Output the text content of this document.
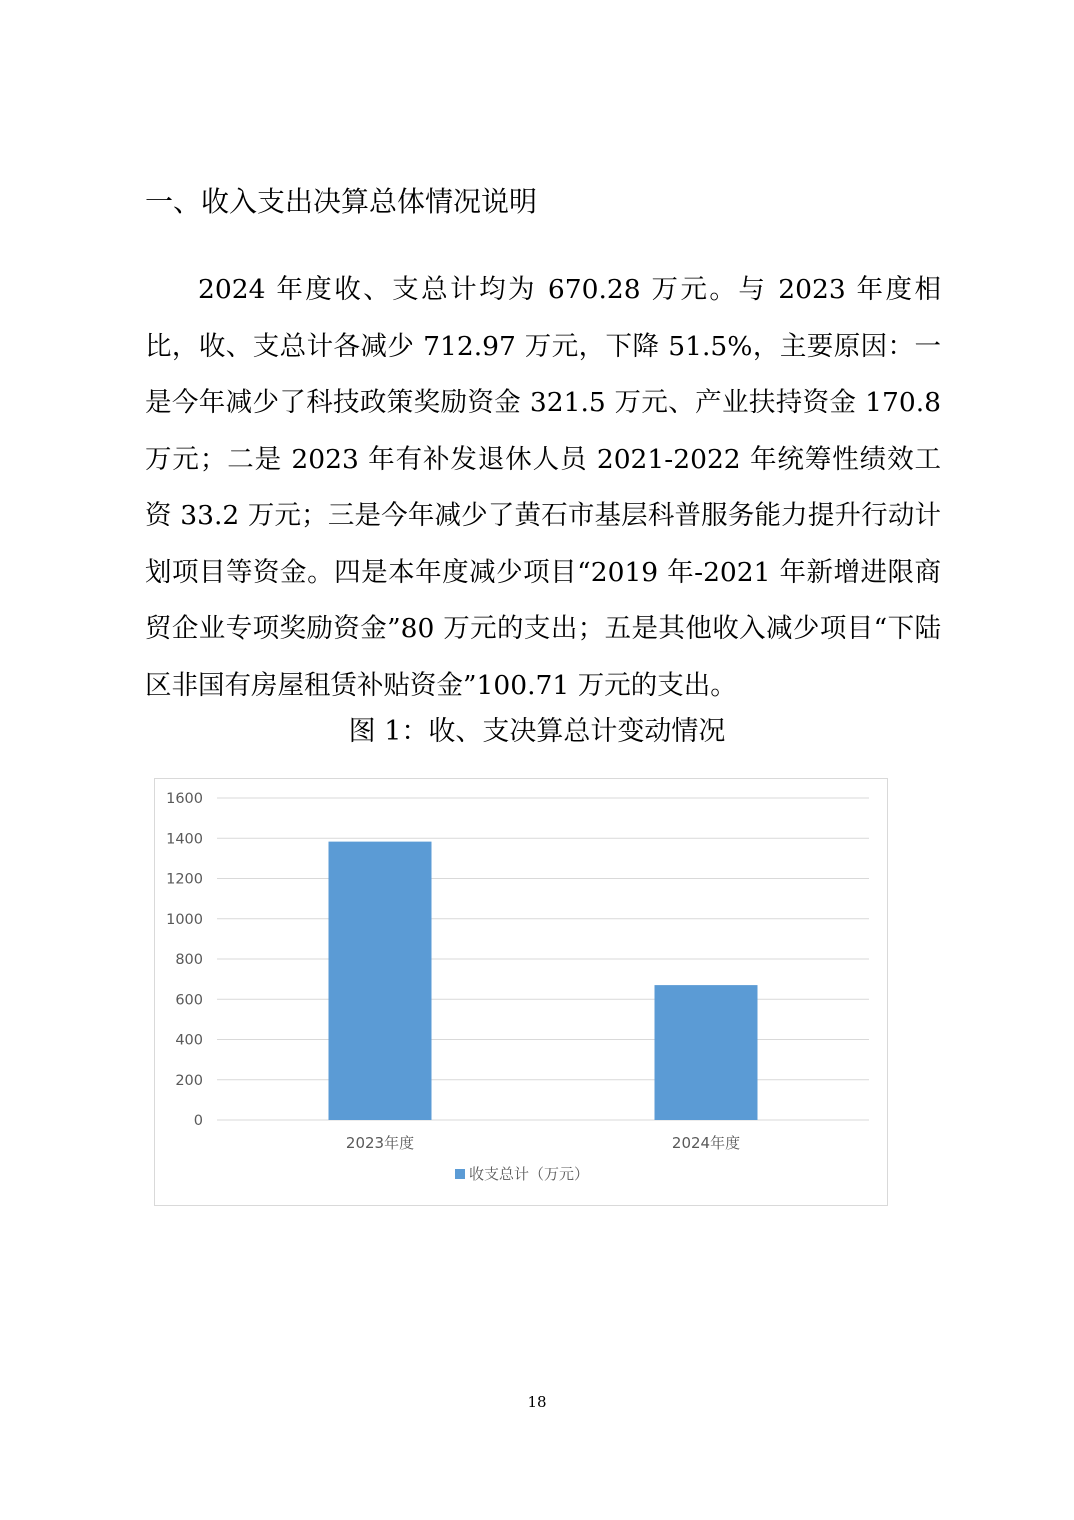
一、收入支出决算总体情况说明

2024 年度收、支总计均为 670.28 万元。与 2023 年度相比，收、支总计各减少 712.97 万元，下降 51.5%，主要原因：一是今年减少了科技政策奖励资金 321.5 万元、产业扶持资金 170.8 万元；二是 2023 年有补发退休人员 2021-2022 年统筹性绩效工资 33.2 万元；三是今年减少了黄石市基层科普服务能力提升行动计划项目等资金。四是本年度减少项目“2019 年-2021 年新增进限商贸企业专项奖励资金”80 万元的支出；五是其他收入减少项目“下陆区非国有房屋租赁补贴资金”100.71 万元的支出。

图 1：收、支决算总计变动情况

0
200
400
600
800
1000
1200
1400
1600
2023年度	2024年度
收支总计（万元）

18
